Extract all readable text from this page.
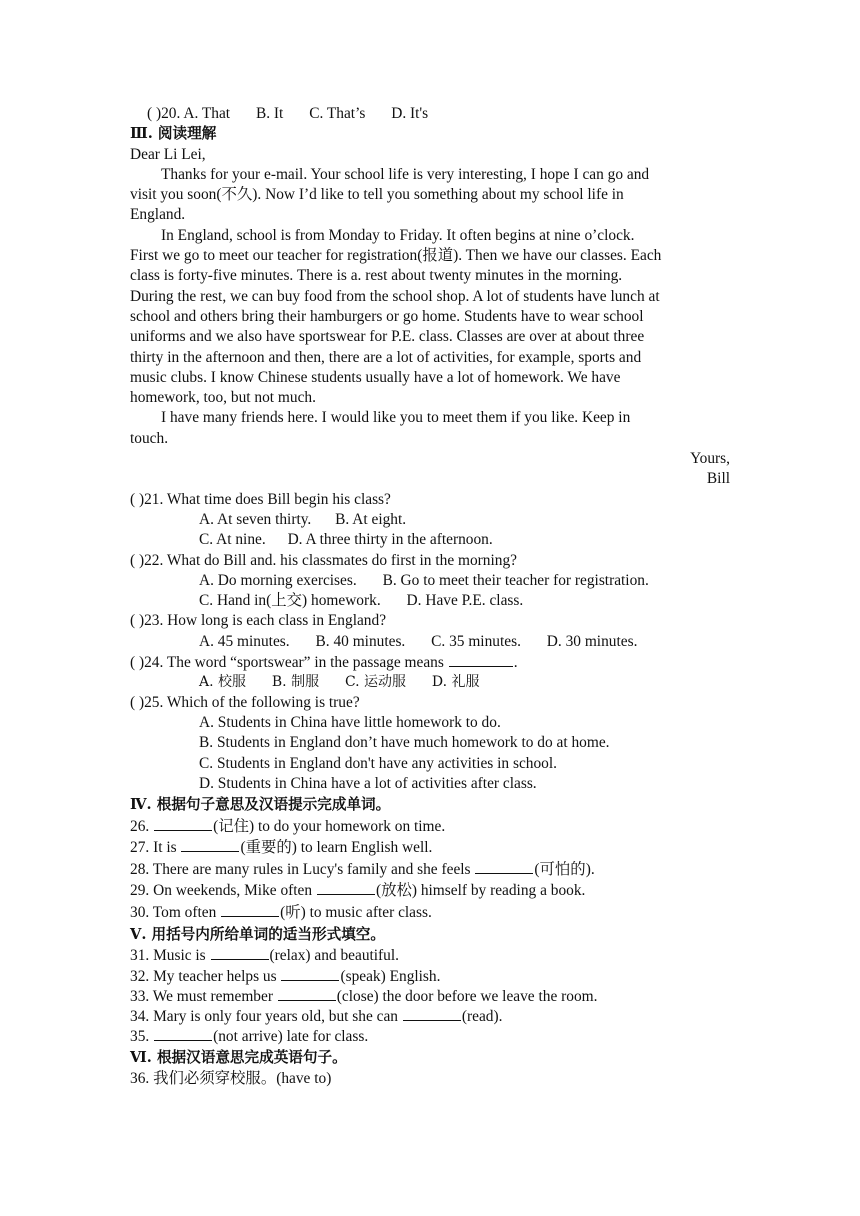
( )20. A. That B. It C. That’s D. It's
Ⅲ. 阅读理解
Dear Li Lei,
Thanks for your e-mail. Your school life is very interesting, I hope I can go and
visit you soon(不久). Now I’d like to tell you something about my school life in
England.
In England, school is from Monday to Friday. It often begins at nine o’clock.
First we go to meet our teacher for registration(报道). Then we have our classes. Each
class is forty-five minutes. There is a. rest about twenty minutes in the morning.
During the rest, we can buy food from the school shop. A lot of students have lunch at
school and others bring their hamburgers or go home. Students have to wear school
uniforms and we also have sportswear for P.E. class. Classes are over at about three
thirty in the afternoon and then, there are a lot of activities, for example, sports and
music clubs. I know Chinese students usually have a lot of homework. We have
homework, too, but not much.
I have many friends here. I would like you to meet them if you like. Keep in
touch.
Yours,
Bill
( )21. What time does Bill begin his class?
A. At seven thirty. B. At eight.
C. At nine. D. A three thirty in the afternoon.
( )22. What do Bill and. his classmates do first in the morning?
A. Do morning exercises. B. Go to meet their teacher for registration.
C. Hand in(上交) homework. D. Have P.E. class.
( )23. How long is each class in England?
A. 45 minutes. B. 40 minutes. C. 35 minutes. D. 30 minutes.
( )24. The word “sportswear” in the passage means	.
A. 校服 B. 制服 C. 运动服 D. 礼服
( )25. Which of the following is true?
A. Students in China have little homework to do.
B. Students in England don’t have much homework to do at home.
C. Students in England don't have any activities in school.
D. Students in China have a lot of activities after class.
Ⅳ. 根据句子意思及汉语提示完成单词。
26.	(记住) to do your homework on time.
27. It is	(重要的) to learn English well.
28. There are many rules in Lucy's family and she feels	(可怕的).
29. On weekends, Mike often	(放松) himself by reading a book.
30. Tom often	(听) to music after class.
Ⅴ. 用括号内所给单词的适当形式填空。
31. Music is	(relax) and beautiful.
32. My teacher helps us	(speak) English.
33. We must remember	(close) the door before we leave the room.
34. Mary is only four years old, but she can	(read).
35.	(not arrive) late for class.
Ⅵ. 根据汉语意思完成英语句子。
36. 我们必须穿校服。(have to)
